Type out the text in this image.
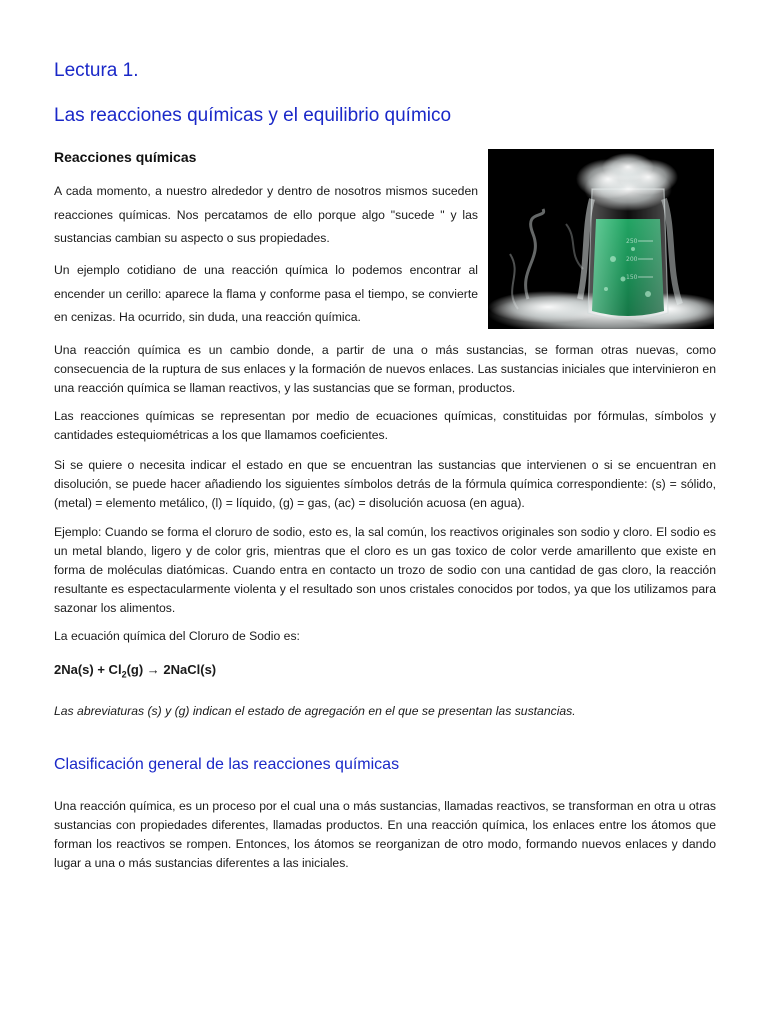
Lectura 1.
Las reacciones químicas y el equilibrio químico
Reacciones químicas

A cada momento, a nuestro alrededor y dentro de nosotros mismos suceden reacciones químicas. Nos percatamos de ello porque algo "sucede " y las sustancias cambian su aspecto o sus propiedades.

Un ejemplo cotidiano de una reacción química lo podemos encontrar al encender un cerillo: aparece la flama y conforme pasa el tiempo, se convierte en cenizas. Ha ocurrido, sin duda, una reacción química.

Una reacción química es un cambio donde, a partir de una o más sustancias, se forman otras nuevas, como consecuencia de la ruptura de sus enlaces y la formación de nuevos enlaces. Las sustancias iniciales que intervinieron en una reacción química se llaman reactivos, y las sustancias que se forman, productos.

Las reacciones químicas se representan por medio de ecuaciones químicas, constituidas por fórmulas, símbolos y cantidades estequiométricas a los que llamamos coeficientes.

Si se quiere o necesita indicar el estado en que se encuentran las sustancias que intervienen o si se encuentran en disolución, se puede hacer añadiendo los siguientes símbolos detrás de la fórmula química correspondiente: (s) = sólido, (metal) = elemento metálico, (l) = líquido, (g) = gas, (ac) = disolución acuosa (en agua).

Ejemplo: Cuando se forma el cloruro de sodio, esto es, la sal común, los reactivos originales son sodio y cloro. El sodio es un metal blando, ligero y de color gris, mientras que el cloro es un gas toxico de color verde amarillento que existe en forma de moléculas diatómicas. Cuando entra en contacto un trozo de sodio con una cantidad de gas cloro, la reacción resultante es espectacularmente violenta y el resultado son unos cristales conocidos por todos, ya que los utilizamos para sazonar los alimentos.

La ecuación química del Cloruro de Sodio es:

$2Na(s) + Cl_2(g)$ → 2NaCl(s)

Las abreviaturas (s) y (g) indican el estado de agregación en el que se presentan las sustancias.

Clasificación general de las reacciones químicas

Una reacción química, es un proceso por el cual una o más sustancias, llamadas reactivos, se transforman en otra u otras sustancias con propiedades diferentes, llamadas productos. En una reacción química, los enlaces entre los átomos que forman los reactivos se rompen. Entonces, los átomos se reorganizan de otro modo, formando nuevos enlaces y dando lugar a una o más sustancias diferentes a las iniciales.

250
200
150
